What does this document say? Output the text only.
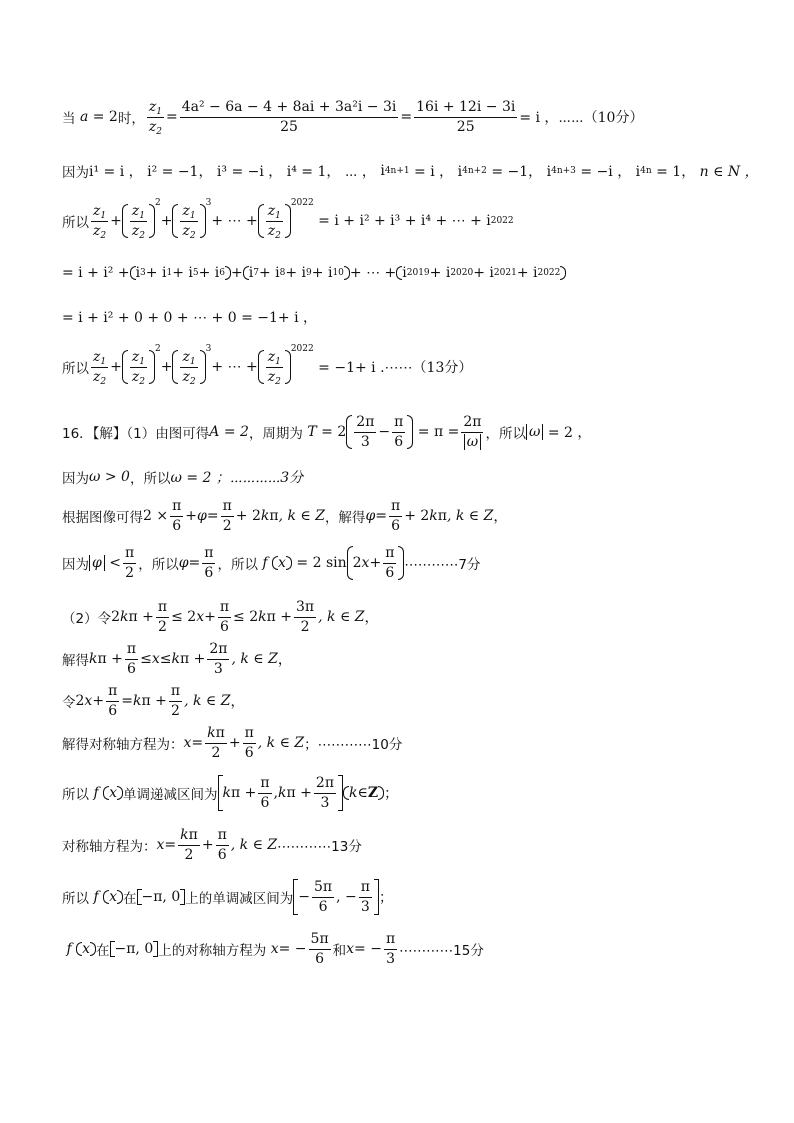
当 a = 2 时，
$z_1$
$z_2$
= $\frac{\text{4a² − 6a − 4 + 8ai + 3a²i − 3i}}{25} = \frac{16i + 12i - 3i}{25} = i$ ，⋯⋯（10分）
因为 i¹ = i ， i² = −1， i³ = −i ， i⁴ = 1， ⋯ ， i 4n+1 = i ， i 4n+2 = −1， i 4n+3 = −i ， i 4n = 1， n ∈ N ，
所以
$z_1$
$z_2$
+
$z_1$
$z_2$
$^2$
+
$z_1$
$z_2$
$^3$
+ ⋯ +
$z_1$
$z_2$
$^{2022}$

= i + i² + i³ + i⁴ + ⋯ + i 2022
= i + i² + i 3 + i 1 + i 5 + i 6 + i 7 + i 8 + i 9 + i 10 + ⋯ + i 2019 + i 2020 + i 2021 + i 2022
= i + i² + 0 + 0 + ⋯ + 0 = −1+ i ，
所以
$z_1$
$z_2$
+
$z_1$
$z_2$
$^2$
+
$z_1$
$z_2$
$^3$
+ ⋯ +
$z_1$
$z_2$
$^{2022}$

= −1+ i .⋯⋯（13分）
16．【解】（1）由图可得 A = 2 ，周期为 T = 2
2π
3
−
π
6
= π =
2π
ω ，所以 ω
= 2 ，
因为 ω > 0 ，所以 ω = 2 ；⋯⋯⋯⋯3分
根据图像可得 2 ×
π
6
+ φ =
π
2
+ 2 k π , k ∈ Z ，解得 φ =
π
6
+ 2 k π , k ∈ Z ，
因为 φ <
π
2 ，所以 φ =
π
6 ，所以 f
x = 2 sin 2 x +
π
6 ⋯⋯⋯⋯7分
（2）令 2 k π +
π
2
≤ 2 x +
π
6
≤ 2 k π +
3π
2
, k ∈ Z ，
解得 k π +
π
6
≤ x ≤ k π +
2π
3
, k ∈ Z ，
令 2 x +
π
6
= k π +
π
2
, k ∈ Z ，
解得对称轴方程为： x =
kπ
2
+
π
6
, k ∈ Z ；⋯⋯⋯⋯10分
所以 f
x 单调递减区间为 k π +
π
6
, k π +
2π
3
k ∈ Z ；
对称轴方程为： x =
kπ
2
+
π
6
, k ∈ Z ⋯⋯⋯⋯13分
所以 f
x 在 −π, 0 上的单调减区间为 −
5π
6
, −
π
3
；
f
x 在 −π, 0 上的对称轴方程为 x = −
5π
6 和 x = −
π
3 ⋯⋯⋯⋯15分
